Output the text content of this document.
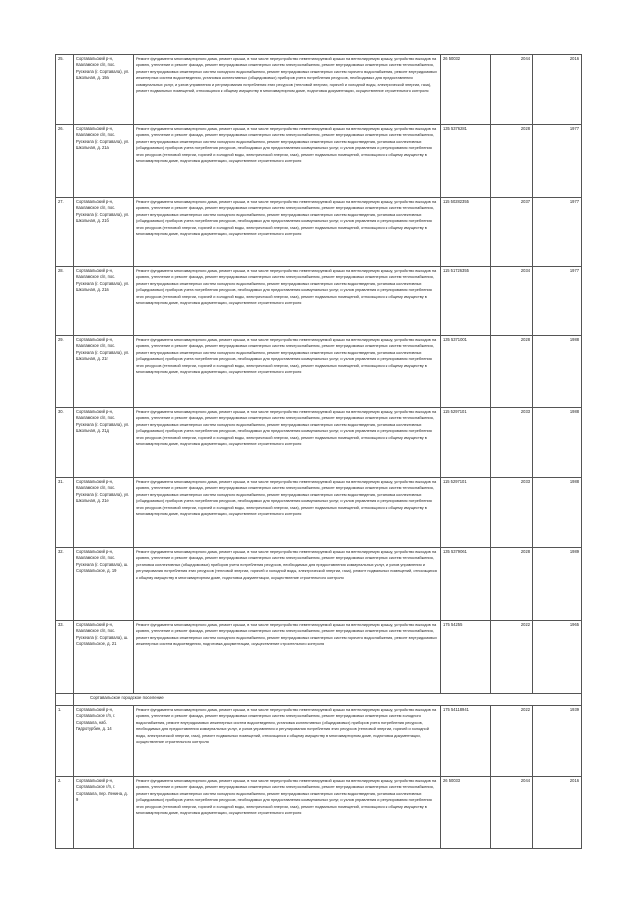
25.	Сортавальский р-н, Кааламское с/п, пос. Рускеала (г. Сортавала), ул. Школьная, д. 19а	Ремонт фундамента многоквартирного дома, ремонт крыши, в том числе переустройство невентилируемой крыши на вентилируемую крышу, устройство выходов на кровлю, утепление и ремонт фасада, ремонт внутридомовых инженерных систем электроснабжения, ремонт внутридомовых инженерных систем теплоснабжения, ремонт внутридомовых инженерных систем холодного водоснабжения, ремонт внутридомовых инженерных систем горячего водоснабжения, ремонт внутридомовых инженерных систем водоотведения, установка коллективных (общедомовых) приборов учета потребления ресурсов, необходимых для предоставления коммунальных услуг, и узлов управления и регулирования потребления этих ресурсов (тепловой энергии, горячей и холодной воды, электрической энергии, газа), ремонт подвальных помещений, относящихся к общему имуществу в многоквартирном доме, подготовка документации, осуществление строительного контроля	26 50032	2044	2016
26.	Сортавальский р-н, Кааламское с/п, пос. Рускеала (г. Сортавала), ул. Школьная, д. 21а	Ремонт фундамента многоквартирного дома, ремонт крыши, в том числе переустройство невентилируемой крыши на вентилируемую крышу, устройство выходов на кровлю, утепление и ремонт фасада, ремонт внутридомовых инженерных систем электроснабжения, ремонт внутридомовых инженерных систем теплоснабжения, ремонт внутридомовых инженерных систем холодного водоснабжения, ремонт внутридомовых инженерных систем водоотведения, установка коллективных (общедомовых) приборов учета потребления ресурсов, необходимых для предоставления коммунальных услуг, и узлов управления и регулирования потребления этих ресурсов (тепловой энергии, горячей и холодной воды, электрической энергии, газа), ремонт подвальных помещений, относящихся к общему имуществу в многоквартирном доме, подготовка документации, осуществление строительного контроля	135 5376281	2028	1977
27.	Сортавальский р-н, Кааламское с/п, пос. Рускеала (г. Сортавала), ул. Школьная, д. 21б	Ремонт фундамента многоквартирного дома, ремонт крыши, в том числе переустройство невентилируемой крыши на вентилируемую крышу, устройство выходов на кровлю, утепление и ремонт фасада, ремонт внутридомовых инженерных систем электроснабжения, ремонт внутридомовых инженерных систем теплоснабжения, ремонт внутридомовых инженерных систем холодного водоснабжения, ремонт внутридомовых инженерных систем водоотведения, установка коллективных (общедомовых) приборов учета потребления ресурсов, необходимых для предоставления коммунальных услуг, и узлов управления и регулирования потребления этих ресурсов (тепловой энергии, горячей и холодной воды, электрической энергии, газа), ремонт подвальных помещений, относящихся к общему имуществу в многоквартирном доме, подготовка документации, осуществление строительного контроля	115 50282355	2037	1977
28.	Сортавальский р-н, Кааламское с/п, пос. Рускеала (г. Сортавала), ул. Школьная, д. 21в	Ремонт фундамента многоквартирного дома, ремонт крыши, в том числе переустройство невентилируемой крыши на вентилируемую крышу, устройство выходов на кровлю, утепление и ремонт фасада, ремонт внутридомовых инженерных систем электроснабжения, ремонт внутридомовых инженерных систем теплоснабжения, ремонт внутридомовых инженерных систем холодного водоснабжения, ремонт внутридомовых инженерных систем водоотведения, установка коллективных (общедомовых) приборов учета потребления ресурсов, необходимых для предоставления коммунальных услуг, и узлов управления и регулирования потребления этих ресурсов (тепловой энергии, горячей и холодной воды, электрической энергии, газа), ремонт подвальных помещений, относящихся к общему имуществу в многоквартирном доме, подготовка документации, осуществление строительного контроля	115 51726355	2034	1977
29.	Сортавальский р-н, Кааламское с/п, пос. Рускеала (г. Сортавала), ул. Школьная, д. 21г	Ремонт фундамента многоквартирного дома, ремонт крыши, в том числе переустройство невентилируемой крыши на вентилируемую крышу, устройство выходов на кровлю, утепление и ремонт фасада, ремонт внутридомовых инженерных систем электроснабжения, ремонт внутридомовых инженерных систем теплоснабжения, ремонт внутридомовых инженерных систем холодного водоснабжения, ремонт внутридомовых инженерных систем водоотведения, установка коллективных (общедомовых) приборов учета потребления ресурсов, необходимых для предоставления коммунальных услуг, и узлов управления и регулирования потребления этих ресурсов (тепловой энергии, горячей и холодной воды, электрической энергии, газа), ремонт подвальных помещений, относящихся к общему имуществу в многоквартирном доме, подготовка документации, осуществление строительного контроля	135 5371001	2028	1988
30.	Сортавальский р-н, Кааламское с/п, пос. Рускеала (г. Сортавала), ул. Школьная, д. 21д	Ремонт фундамента многоквартирного дома, ремонт крыши, в том числе переустройство невентилируемой крыши на вентилируемую крышу, устройство выходов на кровлю, утепление и ремонт фасада, ремонт внутридомовых инженерных систем электроснабжения, ремонт внутридомовых инженерных систем теплоснабжения, ремонт внутридомовых инженерных систем холодного водоснабжения, ремонт внутридомовых инженерных систем водоотведения, установка коллективных (общедомовых) приборов учета потребления ресурсов, необходимых для предоставления коммунальных услуг, и узлов управления и регулирования потребления этих ресурсов (тепловой энергии, горячей и холодной воды, электрической энергии, газа), ремонт подвальных помещений, относящихся к общему имуществу в многоквартирном доме, подготовка документации, осуществление строительного контроля	115 5297101	2033	1988
31.	Сортавальский р-н, Кааламское с/п, пос. Рускеала (г. Сортавала), ул. Школьная, д. 21е	Ремонт фундамента многоквартирного дома, ремонт крыши, в том числе переустройство невентилируемой крыши на вентилируемую крышу, устройство выходов на кровлю, утепление и ремонт фасада, ремонт внутридомовых инженерных систем электроснабжения, ремонт внутридомовых инженерных систем теплоснабжения, ремонт внутридомовых инженерных систем холодного водоснабжения, ремонт внутридомовых инженерных систем водоотведения, установка коллективных (общедомовых) приборов учета потребления ресурсов, необходимых для предоставления коммунальных услуг, и узлов управления и регулирования потребления этих ресурсов (тепловой энергии, горячей и холодной воды, электрической энергии, газа), ремонт подвальных помещений, относящихся к общему имуществу в многоквартирном доме, подготовка документации, осуществление строительного контроля	115 5297101	2033	1988
32.	Сортавальский р-н, Кааламское с/п, пос. Рускеала (г. Сортавала), ш. Сортавальское, д. 19	Ремонт фундамента многоквартирного дома, ремонт крыши, в том числе переустройство невентилируемой крыши на вентилируемую крышу, устройство выходов на кровлю, утепление и ремонт фасада, ремонт внутридомовых инженерных систем электроснабжения, ремонт внутридомовых инженерных систем теплоснабжения, установка коллективных (общедомовых) приборов учета потребления ресурсов, необходимых для предоставления коммунальных услуг, и узлов управления и регулирования потребления этих ресурсов (тепловой энергии, горячей и холодной воды, электрической энергии, газа), ремонт подвальных помещений, относящихся к общему имуществу в многоквартирном доме, подготовка документации, осуществление строительного контроля	135 5379061	2028	1989
33.	Сортавальский р-н, Кааламское с/п, пос. Рускеала (г. Сортавала), ш. Сортавальское, д. 21	Ремонт фундамента многоквартирного дома, ремонт крыши, в том числе переустройство невентилируемой крыши на вентилируемую крышу, устройство выходов на кровлю, утепление и ремонт фасада, ремонт внутридомовых инженерных систем электроснабжения, ремонт внутридомовых инженерных систем теплоснабжения, ремонт внутридомовых инженерных систем холодного водоснабжения, ремонт внутридомовых инженерных систем горячего водоснабжения, ремонт внутридомовых инженерных систем водоотведения, подготовка документации, осуществление строительного контроля	175 54255	2022	1965
	Сортавальское городское поселение				
1.	Сортавальский р-н, Сортавальское г/п, г. Сортавала, наб. Гидротурбин, д. 14	Ремонт фундамента многоквартирного дома, ремонт крыши, в том числе переустройство невентилируемой крыши на вентилируемую крышу, устройство выходов на кровлю, утепление и ремонт фасада, ремонт внутридомовых инженерных систем электроснабжения, ремонт внутридомовых инженерных систем холодного водоснабжения, ремонт внутридомовых инженерных систем водоотведения, установка коллективных (общедомовых) приборов учета потребления ресурсов, необходимых для предоставления коммунальных услуг, и узлов управления и регулирования потребления этих ресурсов (тепловой энергии, горячей и холодной воды, электрической энергии, газа), ремонт подвальных помещений, относящихся к общему имуществу в многоквартирном доме, подготовка документации, осуществление строительного контроля	175 54118941	2022	1939
2.	Сортавальский р-н, Сортавальское г/п, г. Сортавала, пер. Ленина, д. 9	Ремонт фундамента многоквартирного дома, ремонт крыши, в том числе переустройство невентилируемой крыши на вентилируемую крышу, устройство выходов на кровлю, утепление и ремонт фасада, ремонт внутридомовых инженерных систем электроснабжения, ремонт внутридомовых инженерных систем теплоснабжения, ремонт внутридомовых инженерных систем холодного водоснабжения, ремонт внутридомовых инженерных систем водоотведения, установка коллективных (общедомовых) приборов учета потребления ресурсов, необходимых для предоставления коммунальных услуг, и узлов управления и регулирования потребления этих ресурсов (тепловой энергии, горячей и холодной воды, электрической энергии, газа), ремонт подвальных помещений, относящихся к общему имуществу в многоквартирном доме, подготовка документации, осуществление строительного контроля	26 50033	2044	2016
